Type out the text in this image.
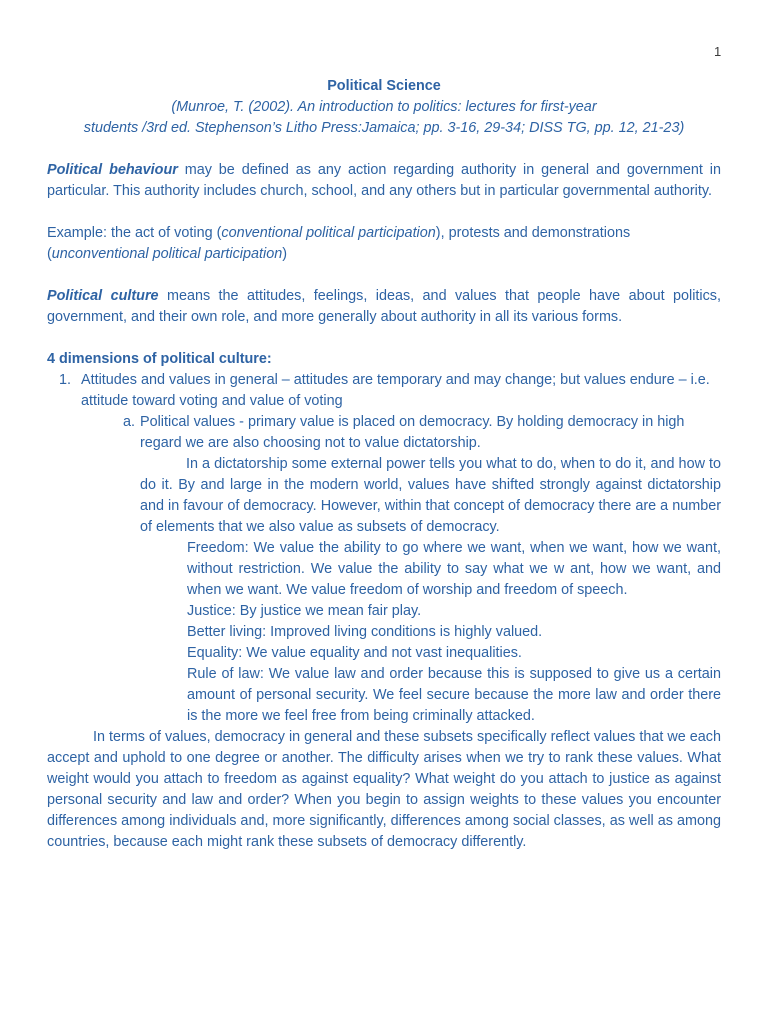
1
Political Science
(Munroe, T. (2002). An introduction to politics: lectures for first-year
students /3rd ed. Stephenson’s Litho Press:Jamaica; pp. 3-16, 29-34; DISS TG, pp. 12, 21-23)

Political behaviour may be defined as any action regarding authority in general and government in particular. This authority includes church, school, and any others but in particular governmental authority.

Example: the act of voting (conventional political participation), protests and demonstrations (unconventional political participation)

Political culture means the attitudes, feelings, ideas, and values that people have about politics, government, and their own role, and more generally about authority in all its various forms.

4 dimensions of political culture:
1. Attitudes and values in general – attitudes are temporary and may change; but values endure – i.e. attitude toward voting and value of voting
a. Political values - primary value is placed on democracy. By holding democracy in high regard we are also choosing not to value dictatorship.

In a dictatorship some external power tells you what to do, when to do it, and how to do it. By and large in the modern world, values have shifted strongly against dictatorship and in favour of democracy. However, within that concept of democracy there are a number of elements that we also value as subsets of democracy.

Freedom: We value the ability to go where we want, when we want, how we want, without restriction. We value the ability to say what we w ant, how we want, and when we want. We value freedom of worship and freedom of speech.

Justice: By justice we mean fair play.

Better living: Improved living conditions is highly valued.

Equality: We value equality and not vast inequalities.

Rule of law: We value law and order because this is supposed to give us a certain amount of personal security. We feel secure because the more law and order there is the more we feel free from being criminally attacked.

In terms of values, democracy in general and these subsets specifically reflect values that we each accept and uphold to one degree or another. The difficulty arises when we try to rank these values. What weight would you attach to freedom as against equality? What weight do you attach to justice as against personal security and law and order? When you begin to assign weights to these values you encounter differences among individuals and, more significantly, differences among social classes, as well as among countries, because each might rank these subsets of democracy differently.
